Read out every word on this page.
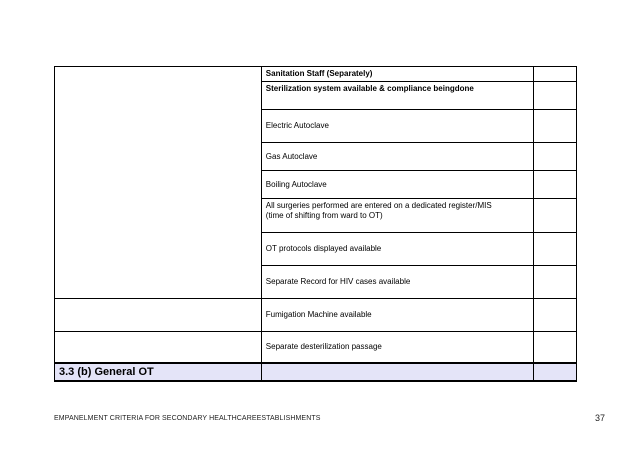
	Sanitation Staff (Separately)	
	Sterilization system available & compliance beingdone	
	Electric Autoclave	
	Gas Autoclave	
	Boiling Autoclave	
	All surgeries performed are entered on a dedicated register/MIS
(time of shifting from ward to OT)	
	OT protocols displayed available	
	Separate Record for HIV cases available	
	Fumigation Machine available	
	Separate desterilization passage	
3.3 (b) General OT		
EMPANELMENT CRITERIA FOR SECONDARY HEALTHCAREESTABLISHMENTS	37
